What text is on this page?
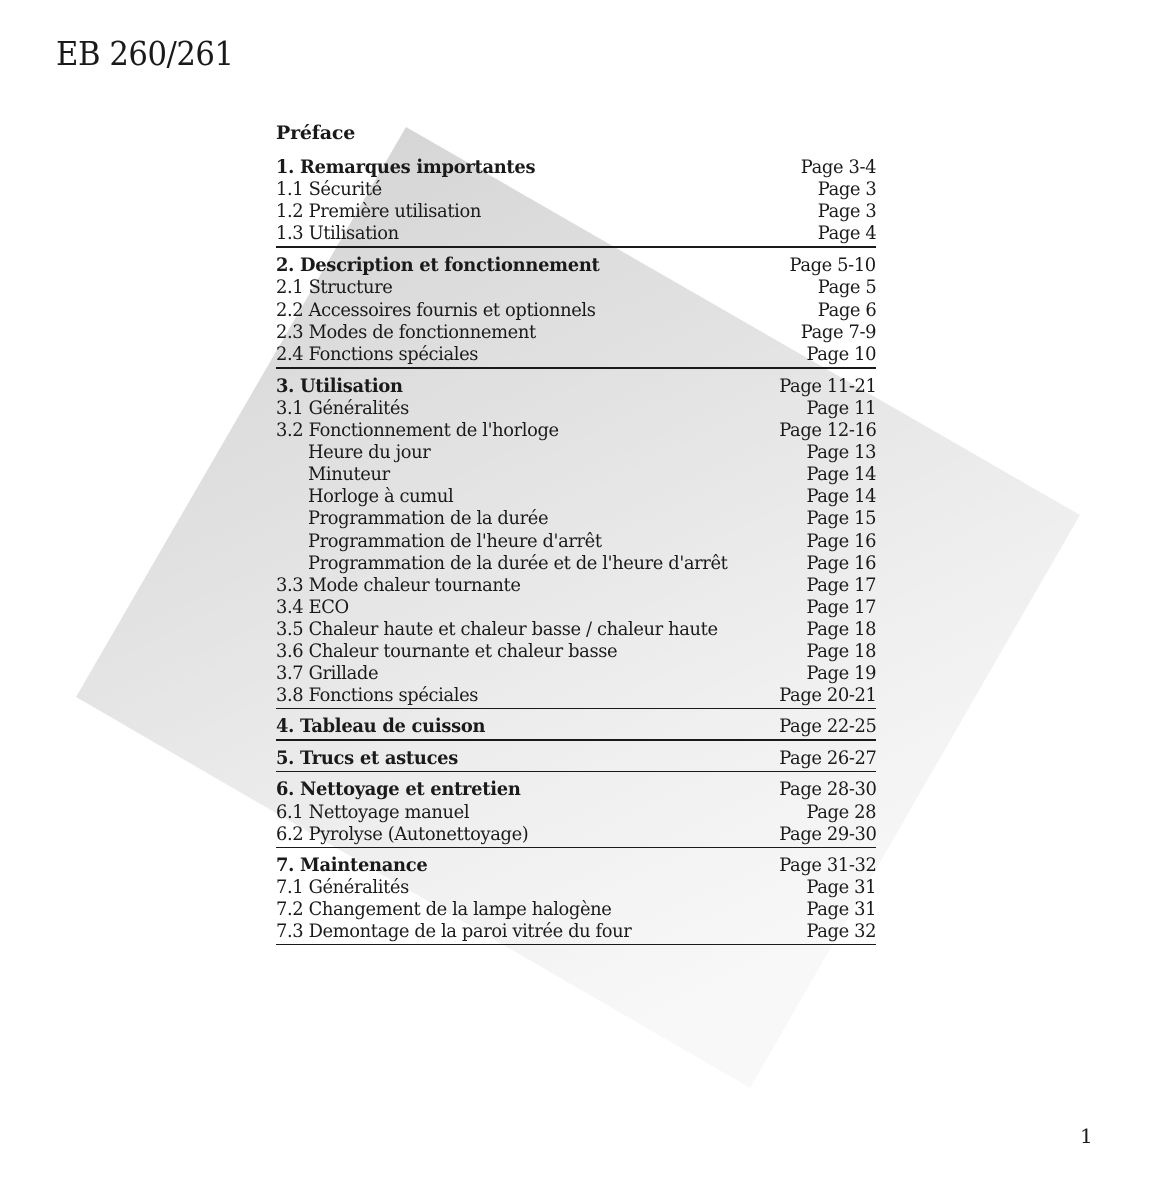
EB 260/261
Préface
1. Remarques importantes	Page 3-4
1.1 Sécurité	Page 3
1.2 Première utilisation	Page 3
1.3 Utilisation	Page 4
2. Description et fonctionnement	Page 5-10
2.1 Structure	Page 5
2.2 Accessoires fournis et optionnels	Page 6
2.3 Modes de fonctionnement	Page 7-9
2.4 Fonctions spéciales	Page 10
3. Utilisation	Page 11-21
3.1 Généralités	Page 11
3.2 Fonctionnement de l'horloge	Page 12-16
Heure du jour	Page 13
Minuteur	Page 14
Horloge à cumul	Page 14
Programmation de la durée	Page 15
Programmation de l'heure d'arrêt	Page 16
Programmation de la durée et de l'heure d'arrêt	Page 16
3.3 Mode chaleur tournante	Page 17
3.4 ECO	Page 17
3.5 Chaleur haute et chaleur basse / chaleur haute	Page 18
3.6 Chaleur tournante et chaleur basse	Page 18
3.7 Grillade	Page 19
3.8 Fonctions spéciales	Page 20-21
4. Tableau de cuisson	Page 22-25
5. Trucs et astuces	Page 26-27
6. Nettoyage et entretien	Page 28-30
6.1 Nettoyage manuel	Page 28
6.2 Pyrolyse (Autonettoyage)	Page 29-30
7. Maintenance	Page 31-32
7.1 Généralités	Page 31
7.2 Changement de la lampe halogène	Page 31
7.3 Demontage de la paroi vitrée du four	Page 32
1
